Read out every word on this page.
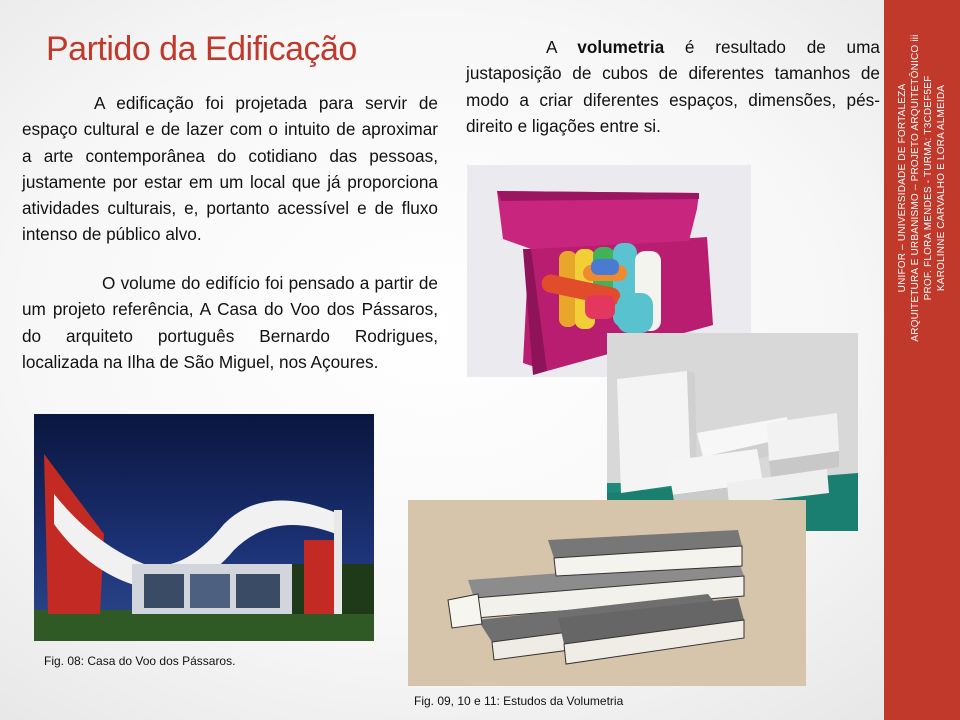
UNIFOR – UNIVERSIDADE DE FORTALEZA ARQUITETURA E URBANISMO – PROJETO ARQUITETÔNICO iii PROF. FLORA MENDES - TURMA: T3CDEF5EF KAROLINNE CARVALHO E LORA ALMEIDA
Partido da Edificação

A edificação foi projetada para servir de espaço cultural e de lazer com o intuito de aproximar a arte contemporânea do cotidiano das pessoas, justamente por estar em um local que já proporciona atividades culturais, e, portanto acessível e de fluxo intenso de público alvo.

O volume do edifício foi pensado a partir de um projeto referência, A Casa do Voo dos Pássaros, do arquiteto português Bernardo Rodrigues, localizada na Ilha de São Miguel, nos Açoures.

A volumetria é resultado de uma justaposição de cubos de diferentes tamanhos de modo a criar diferentes espaços, dimensões, pés-direito e ligações entre si.

Fig. 08: Casa do Voo dos Pássaros.
Fig. 09, 10 e 11: Estudos da Volumetria
